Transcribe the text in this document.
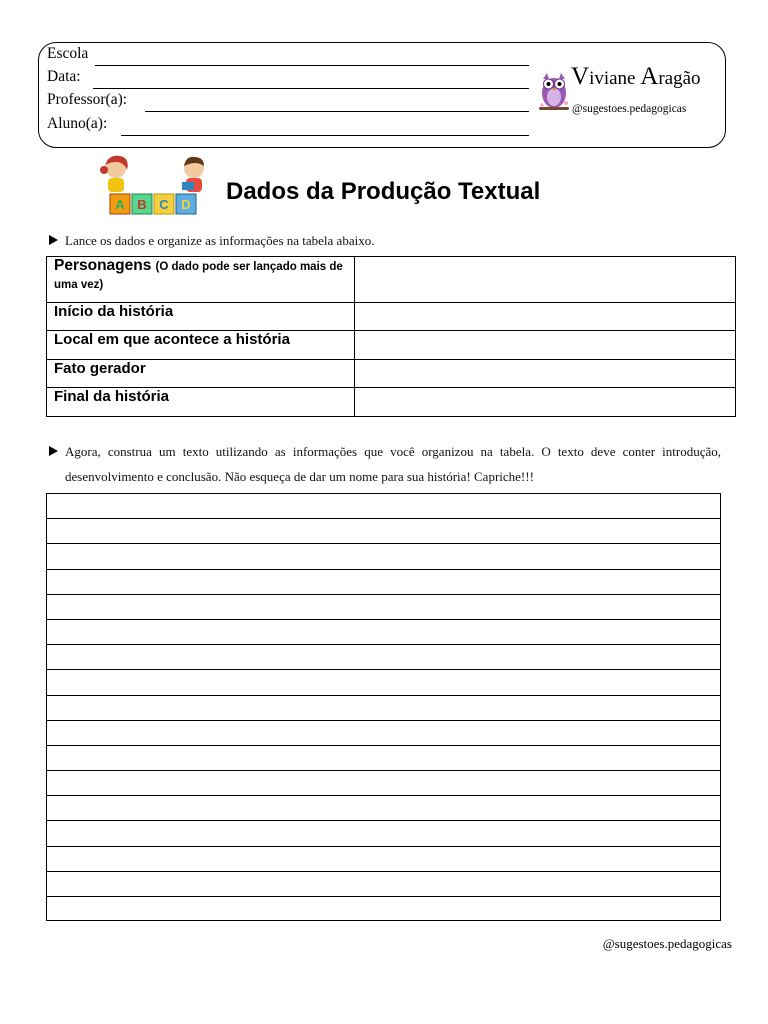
Escola
Data:
Professor(a):
Aluno(a):
Viviane Aragão
@sugestoes.pedagogicas
A B C D Dados da Produção Textual
Lance os dados e organize as informações na tabela abaixo.
Personagens (O dado pode ser lançado mais de uma vez)	
Início da história	
Local em que acontece a história	
Fato gerador	
Final da história	
Agora, construa um texto utilizando as informações que você organizou na tabela. O texto deve conter introdução, desenvolvimento e conclusão. Não esqueça de dar um nome para sua história! Capriche!!!
@sugestoes.pedagogicas
